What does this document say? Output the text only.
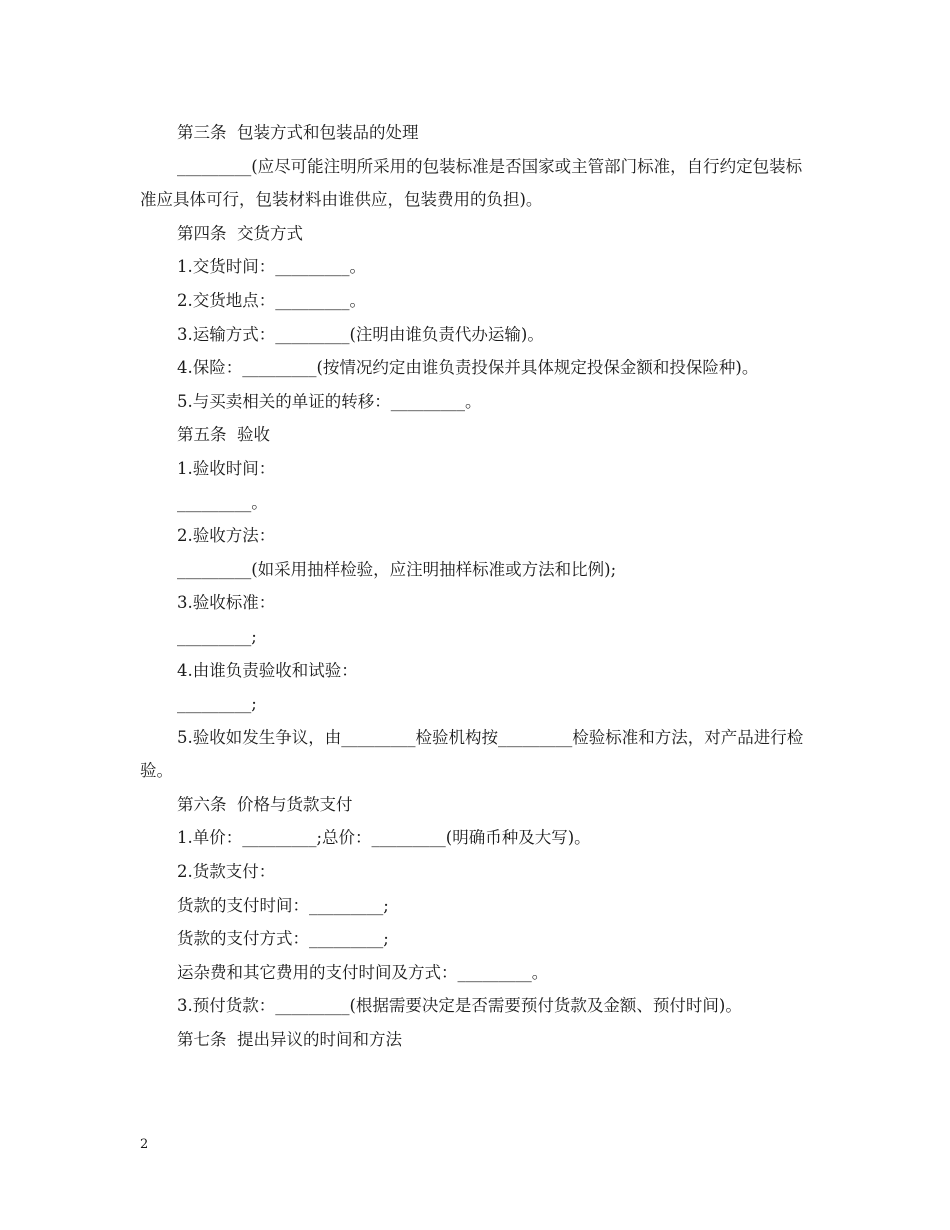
第三条  包装方式和包装品的处理

_________(应尽可能注明所采用的包装标准是否国家或主管部门标准，自行约定包装标准应具体可行，包装材料由谁供应，包装费用的负担)。

第四条  交货方式

1.交货时间：_________。

2.交货地点：_________。

3.运输方式：_________(注明由谁负责代办运输)。

4.保险：_________(按情况约定由谁负责投保并具体规定投保金额和投保险种)。

5.与买卖相关的单证的转移：_________。

第五条  验收

1.验收时间：

_________。

2.验收方法：

_________(如采用抽样检验，应注明抽样标准或方法和比例);

3.验收标准：

_________;

4.由谁负责验收和试验：

_________;

5.验收如发生争议，由_________检验机构按_________检验标准和方法，对产品进行检验。

第六条  价格与货款支付

1.单价：_________;总价：_________(明确币种及大写)。

2.货款支付：

货款的支付时间：_________;

货款的支付方式：_________;

运杂费和其它费用的支付时间及方式：_________。

3.预付货款：_________(根据需要决定是否需要预付货款及金额、预付时间)。

第七条  提出异议的时间和方法

2
